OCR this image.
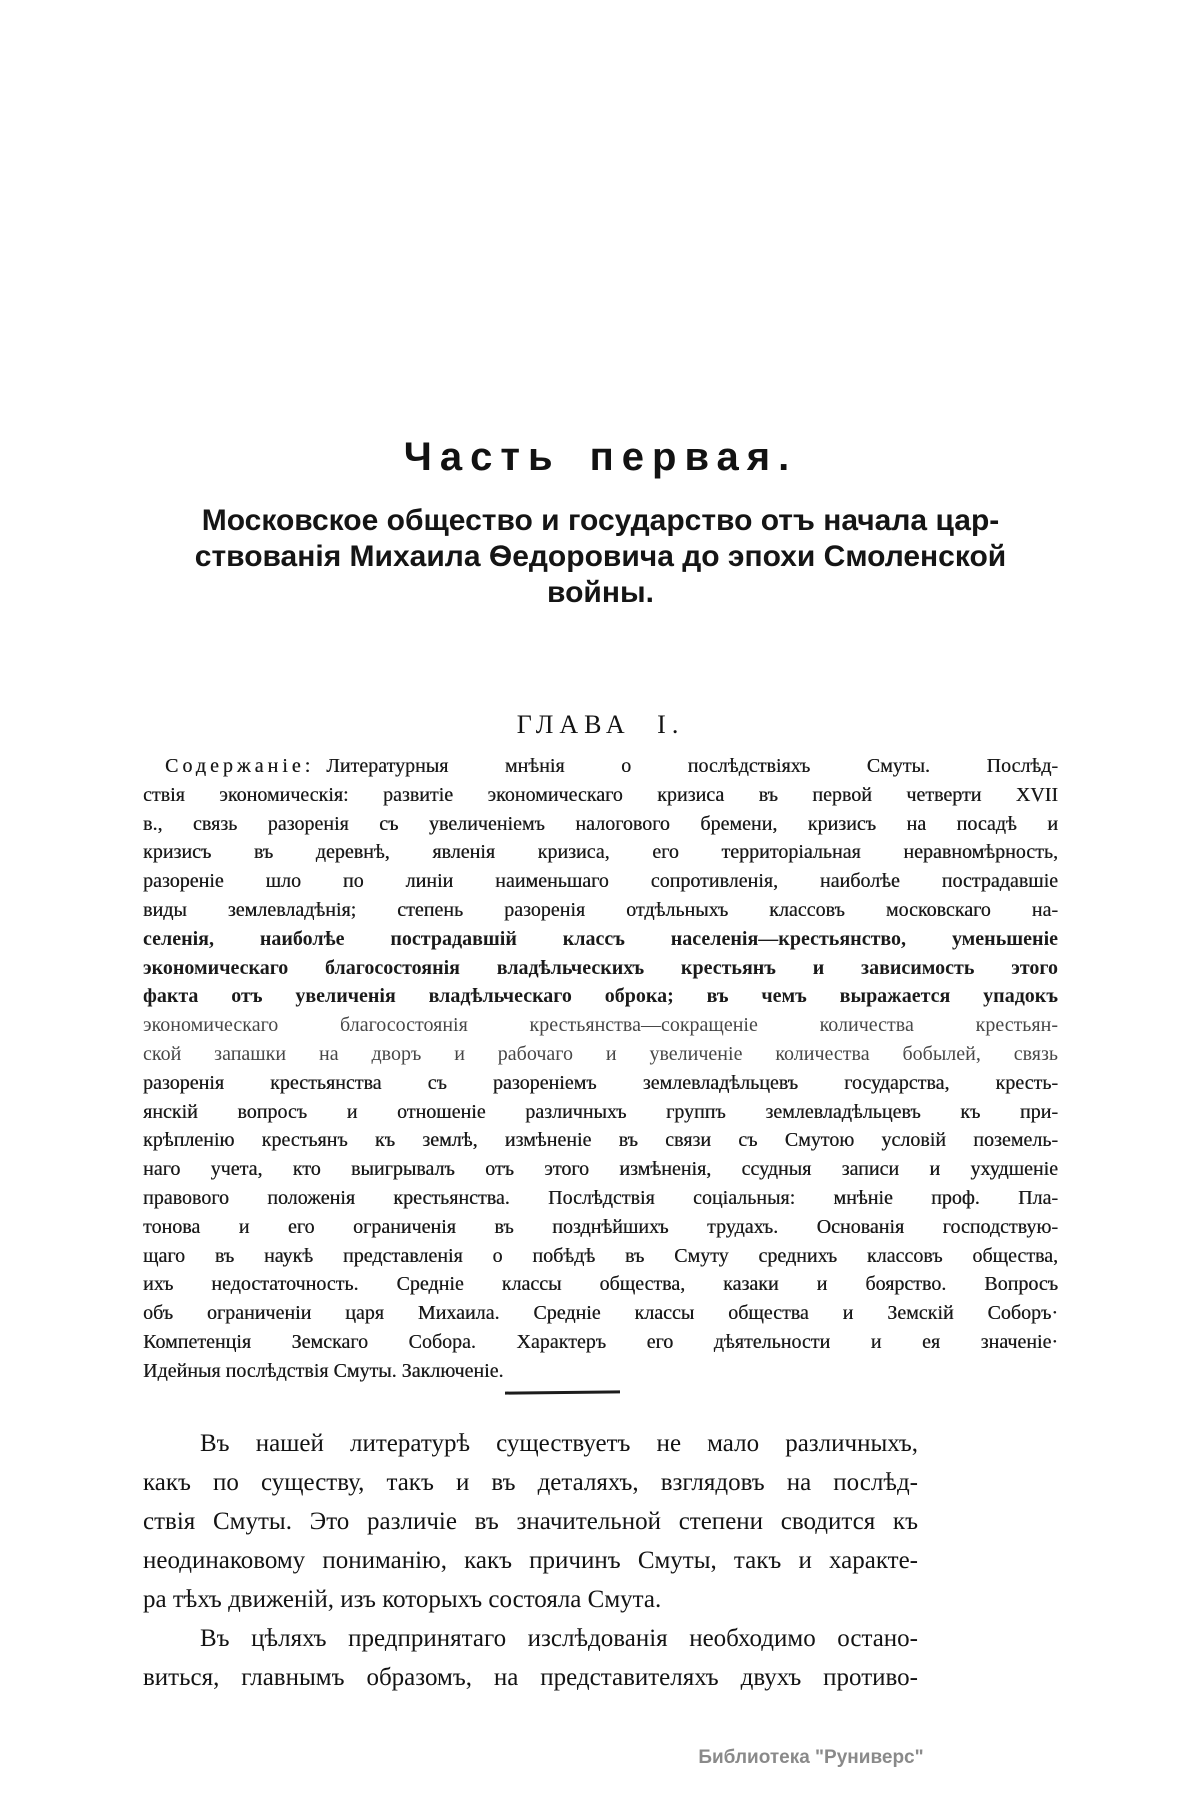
Часть первая.
Московское общество и государство отъ начала цар-
ствованія Михаила Ѳедоровича до эпохи Смоленской
войны.
ГЛАВА I.
Содержаніе: Литературныя мнѣнія о послѣдствіяхъ Смуты. Послѣд-
ствія экономическія: развитіе экономическаго кризиса въ первой четверти XVII
в., связь разоренія съ увеличеніемъ налогового бремени, кризисъ на посадѣ и
кризисъ въ деревнѣ, явленія кризиса, его территоріальная неравномѣрность,
разореніе шло по линіи наименьшаго сопротивленія, наиболѣе пострадавшіе
виды землевладѣнія; степень разоренія отдѣльныхъ классовъ московскаго на-
селенія, наиболѣе пострадавшій классъ населенія—крестьянство, уменьшеніе
экономическаго благосостоянія владѣльческихъ крестьянъ и зависимость этого
факта отъ увеличенія владѣльческаго оброка; въ чемъ выражается упадокъ
экономическаго благосостоянія крестьянства—сокращеніе количества крестьян-
ской запашки на дворъ и рабочаго и увеличеніе количества бобылей, связь
разоренія крестьянства съ разореніемъ землевладѣльцевъ государства, кресть-
янскій вопросъ и отношеніе различныхъ группъ землевладѣльцевъ къ при-
крѣпленію крестьянъ къ землѣ, измѣненіе въ связи съ Смутою условій поземель-
наго учета, кто выигрывалъ отъ этого измѣненія, ссудныя записи и ухудшеніе
правового положенія крестьянства. Послѣдствія соціальныя: мнѣніе проф. Пла-
тонова и его ограниченія въ позднѣйшихъ трудахъ. Основанія господствую-
щаго въ наукѣ представленія о побѣдѣ въ Смуту среднихъ классовъ общества,
ихъ недостаточность. Средніе классы общества, казаки и боярство. Вопросъ
объ ограниченіи царя Михаила. Средніе классы общества и Земскій Соборъ·
Компетенція Земскаго Собора. Характеръ его дѣятельности и ея значеніе·
Идейныя послѣдствія Смуты. Заключеніе.
Въ нашей литературѣ существуетъ не мало различныхъ,
какъ по существу, такъ и въ деталяхъ, взглядовъ на послѣд-
ствія Смуты. Это различіе въ значительной степени сводится къ
неодинаковому пониманію, какъ причинъ Смуты, такъ и характе-
ра тѣхъ движеній, изъ которыхъ состояла Смута.
Въ цѣляхъ предпринятаго изслѣдованія необходимо остано-
виться, главнымъ образомъ, на представителяхъ двухъ противо-
Библиотека "Руниверс"
